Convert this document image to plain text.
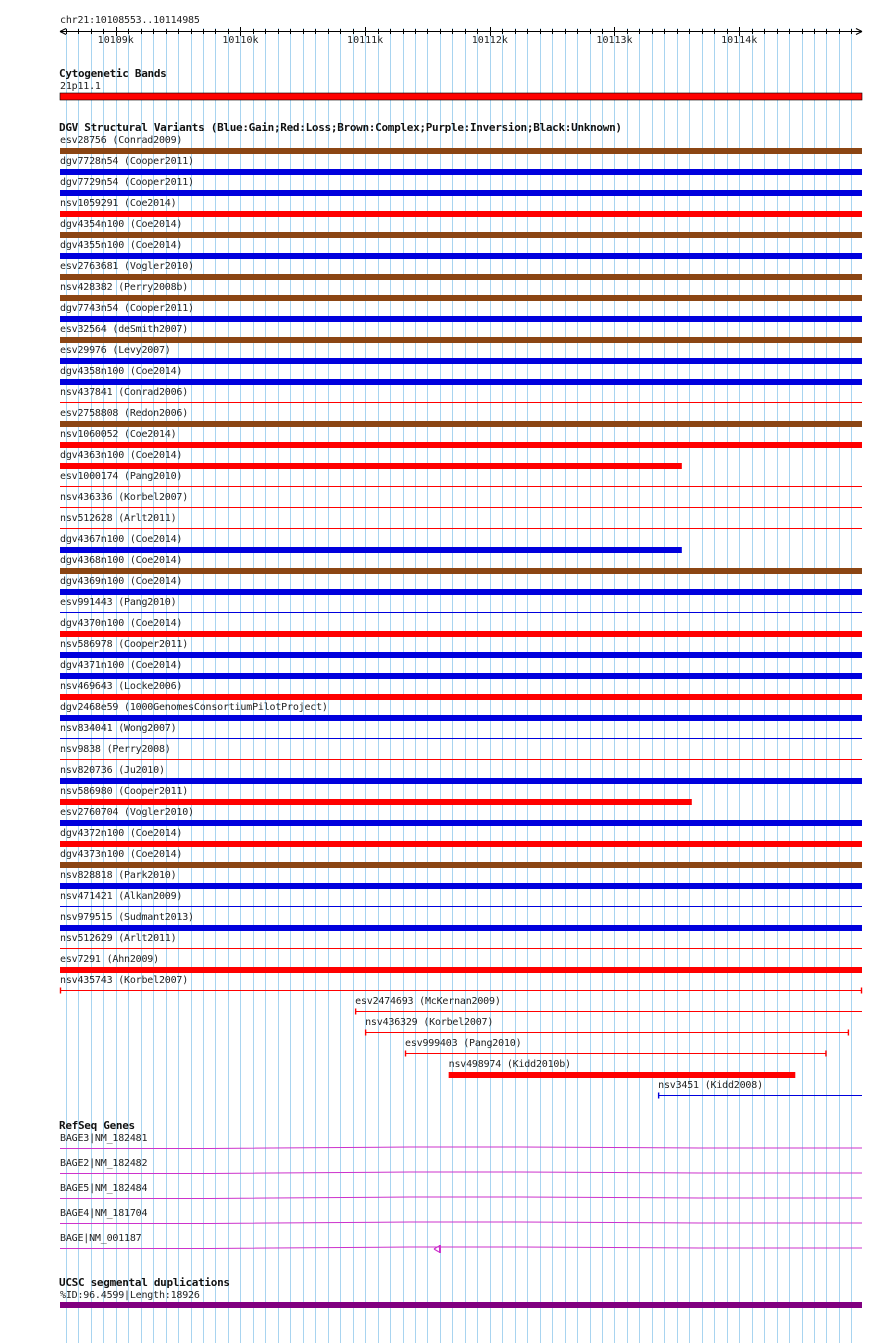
chr21:10108553..10114985
10109k	10110k	10111k	10112k	10113k	10114k
Cytogenetic Bands
21p11.1
DGV Structural Variants (Blue:Gain;Red:Loss;Brown:Complex;Purple:Inversion;Black:Unknown)
esv28756 (Conrad2009)
dgv7728n54 (Cooper2011)
dgv7729n54 (Cooper2011)
nsv1059291 (Coe2014)
dgv4354n100 (Coe2014)
dgv4355n100 (Coe2014)
esv2763681 (Vogler2010)
nsv428382 (Perry2008b)
dgv7743n54 (Cooper2011)
esv32564 (deSmith2007)
esv29976 (Levy2007)
dgv4358n100 (Coe2014)
nsv437841 (Conrad2006)
esv2758808 (Redon2006)
nsv1060052 (Coe2014)
dgv4363n100 (Coe2014)
esv1000174 (Pang2010)
nsv436336 (Korbel2007)
nsv512628 (Arlt2011)
dgv4367n100 (Coe2014)
dgv4368n100 (Coe2014)
dgv4369n100 (Coe2014)
esv991443 (Pang2010)
dgv4370n100 (Coe2014)
nsv586978 (Cooper2011)
dgv4371n100 (Coe2014)
nsv469643 (Locke2006)
dgv2468e59 (1000GenomesConsortiumPilotProject)
nsv834041 (Wong2007)
nsv9838 (Perry2008)
nsv820736 (Ju2010)
nsv586980 (Cooper2011)
esv2760704 (Vogler2010)
dgv4372n100 (Coe2014)
dgv4373n100 (Coe2014)
nsv828818 (Park2010)
nsv471421 (Alkan2009)
nsv979515 (Sudmant2013)
nsv512629 (Arlt2011)
esv7291 (Ahn2009)
nsv435743 (Korbel2007)
esv2474693 (McKernan2009)
nsv436329 (Korbel2007)
esv999403 (Pang2010)
nsv498974 (Kidd2010b)
nsv3451 (Kidd2008)
RefSeq Genes
BAGE3|NM_182481
BAGE2|NM_182482
BAGE5|NM_182484
BAGE4|NM_181704
BAGE|NM_001187
UCSC segmental duplications
%ID:96.4599|Length:18926
